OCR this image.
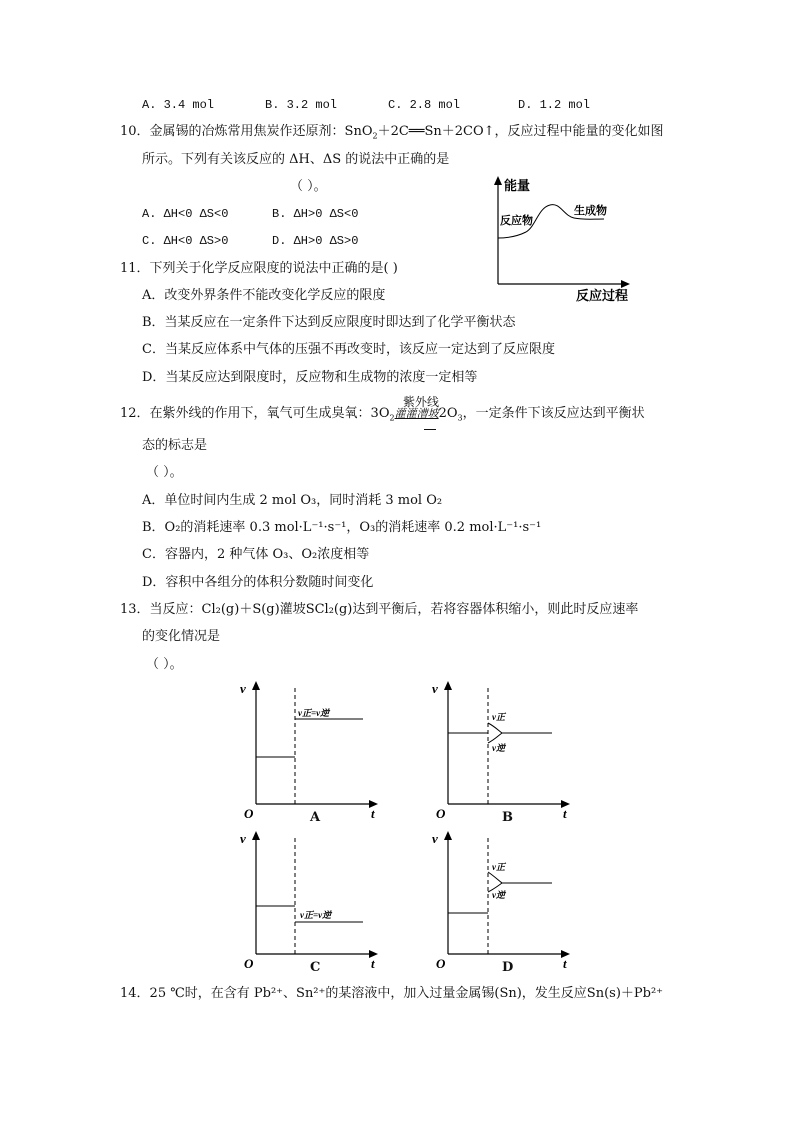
A. 3.4 mol	B. 3.2 mol	C. 2.8 mol	D. 1.2 mol
10．金属锡的冶炼常用焦炭作还原剂：SnO$_2$＋2C══Sn＋2CO↑，反应过程中能量的变化如图
所示。下列有关该反应的 ΔH、ΔS 的说法中正确的是
（ ）。
A. ΔH<0 ΔS<0	B. ΔH>0 ΔS<0
C. ΔH<0 ΔS>0	D. ΔH>0 ΔS>0
能量
反应过程
反应物
生成物
11．下列关于化学反应限度的说法中正确的是( )
A．改变外界条件不能改变化学反应的限度
B．当某反应在一定条件下达到反应限度时即达到了化学平衡状态
C．当某反应体系中气体的压强不再改变时，该反应一定达到了反应限度
D．当某反应达到限度时，反应物和生成物的浓度一定相等
紫外线
12．在紫外线的作用下，氧气可生成臭氧：$3O_2$灌灌漕坡$2O_3$，一定条件下该反应达到平衡状
态的标志是
（ ）。
A．单位时间内生成 2 mol O₃，同时消耗 3 mol O₂
B．O₂的消耗速率 0.3 mol·L⁻¹·s⁻¹，O₃的消耗速率 0.2 mol·L⁻¹·s⁻¹
C．容器内，2 种气体 O₃、O₂浓度相等
D．容积中各组分的体积分数随时间变化
13．当反应：Cl₂(g)＋S(g)灌坡SCl₂(g)达到平衡后，若将容器体积缩小，则此时反应速率
的变化情况是
（ ）。
v
t
O
v正=v逆
A
v
t
O
v正
v逆
B
v
t
O
v正=v逆
C
v
t
O
v正
v逆
D
14．25 ℃时，在含有 Pb²⁺、Sn²⁺的某溶液中，加入过量金属锡(Sn)，发生反应Sn(s)＋Pb²⁺
